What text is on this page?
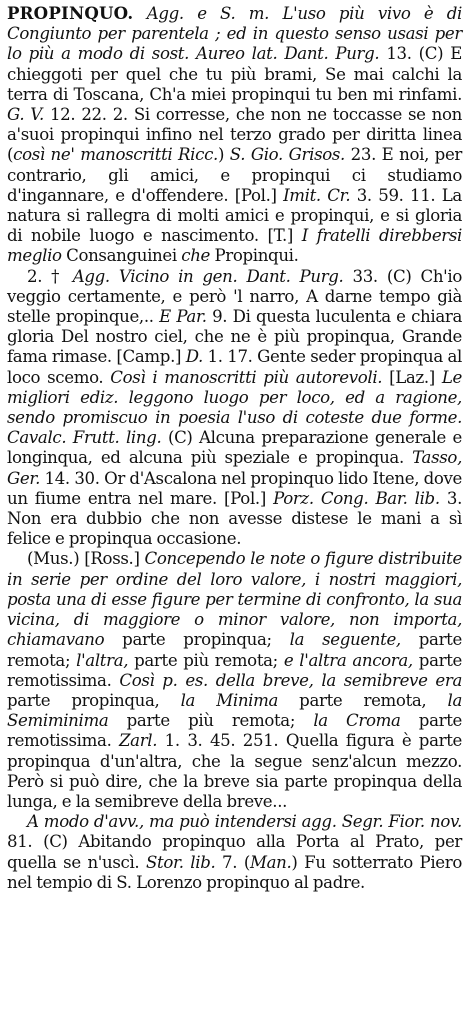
PROPINQUO. Agg. e S. m. L'uso più vivo è di Congiunto per parentela ; ed in questo senso usasi per lo più a modo di sost. Aureo lat. Dant. Purg. 13. (C) E chieggoti per quel che tu più brami, Se mai calchi la terra di Toscana, Ch'a miei propinqui tu ben mi rinfami. G. V. 12. 22. 2. Si corresse, che non ne toccasse se non a'suoi propinqui infino nel terzo grado per diritta linea (così ne' manoscritti Ricc.) S. Gio. Grisos. 23. E noi, per contrario, gli amici, e propinqui ci studiamo d'ingannare, e d'offendere. [Pol.] Imit. Cr. 3. 59. 11. La natura si rallegra di molti amici e propinqui, e si gloria di nobile luogo e nascimento. [T.] I fratelli direbbersi meglio Consanguinei che Propinqui.

2. † Agg. Vicino in gen. Dant. Purg. 33. (C) Ch'io veggio certamente, e però 'l narro, A darne tempo già stelle propinque,.. E Par. 9. Di questa luculenta e chiara gloria Del nostro ciel, che ne è più propinqua, Grande fama rimase. [Camp.] D. 1. 17. Gente seder propinqua al loco scemo. Così i manoscritti più autorevoli. [Laz.] Le migliori ediz. leggono luogo per loco, ed a ragione, sendo promiscuo in poesia l'uso di coteste due forme. Cavalc. Frutt. ling. (C) Alcuna preparazione generale e longinqua, ed alcuna più speziale e propinqua. Tasso, Ger. 14. 30. Or d'Ascalona nel propinquo lido Itene, dove un fiume entra nel mare. [Pol.] Porz. Cong. Bar. lib. 3. Non era dubbio che non avesse distese le mani a sì felice e propinqua occasione.

(Mus.) [Ross.] Concependo le note o figure distribuite in serie per ordine del loro valore, i nostri maggiori, posta una di esse figure per termine di confronto, la sua vicina, di maggiore o minor valore, non importa, chiamavano parte propinqua; la seguente, parte remota; l'altra, parte più remota; e l'altra ancora, parte remotissima. Così p. es. della breve, la semibreve era parte propinqua, la Minima parte remota, la Semiminima parte più remota; la Croma parte remotissima. Zarl. 1. 3. 45. 251. Quella figura è parte propinqua d'un'altra, che la segue senz'alcun mezzo. Però si può dire, che la breve sia parte propinqua della lunga, e la semibreve della breve...

A modo d'avv., ma può intendersi agg. Segr. Fior. nov. 81. (C) Abitando propinquo alla Porta al Prato, per quella se n'uscì. Stor. lib. 7. (Man.) Fu sotterrato Piero nel tempio di S. Lorenzo propinquo al padre.
